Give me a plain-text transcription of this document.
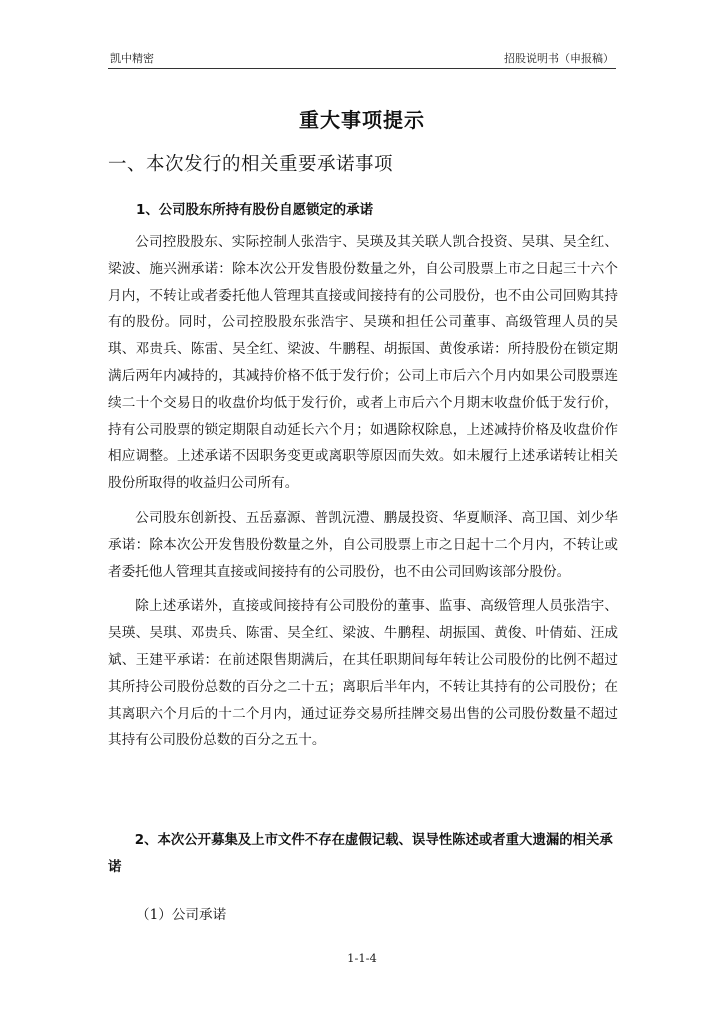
凯中精密	招股说明书（申报稿）
重大事项提示
一、本次发行的相关重要承诺事项
1、公司股东所持有股份自愿锁定的承诺

公司控股股东、实际控制人张浩宇、吴瑛及其关联人凯合投资、吴琪、吴全红、梁波、施兴洲承诺：除本次公开发售股份数量之外，自公司股票上市之日起三十六个月内，不转让或者委托他人管理其直接或间接持有的公司股份，也不由公司回购其持有的股份。同时，公司控股股东张浩宇、吴瑛和担任公司董事、高级管理人员的吴琪、邓贵兵、陈雷、吴全红、梁波、牛鹏程、胡振国、黄俊承诺：所持股份在锁定期满后两年内减持的，其减持价格不低于发行价；公司上市后六个月内如果公司股票连续二十个交易日的收盘价均低于发行价，或者上市后六个月期末收盘价低于发行价，持有公司股票的锁定期限自动延长六个月；如遇除权除息，上述减持价格及收盘价作相应调整。上述承诺不因职务变更或离职等原因而失效。如未履行上述承诺转让相关股份所取得的收益归公司所有。

公司股东创新投、五岳嘉源、普凯沅澧、鹏晟投资、华夏顺泽、高卫国、刘少华承诺：除本次公开发售股份数量之外，自公司股票上市之日起十二个月内，不转让或者委托他人管理其直接或间接持有的公司股份，也不由公司回购该部分股份。

除上述承诺外，直接或间接持有公司股份的董事、监事、高级管理人员张浩宇、吴瑛、吴琪、邓贵兵、陈雷、吴全红、梁波、牛鹏程、胡振国、黄俊、叶倩茹、汪成斌、王建平承诺：在前述限售期满后，在其任职期间每年转让公司股份的比例不超过其所持公司股份总数的百分之二十五；离职后半年内，不转让其持有的公司股份；在其离职六个月后的十二个月内，通过证券交易所挂牌交易出售的公司股份数量不超过其持有公司股份总数的百分之五十。

2、本次公开募集及上市文件不存在虚假记载、误导性陈述或者重大遗漏的相关承诺
（1）公司承诺
1-1-4
